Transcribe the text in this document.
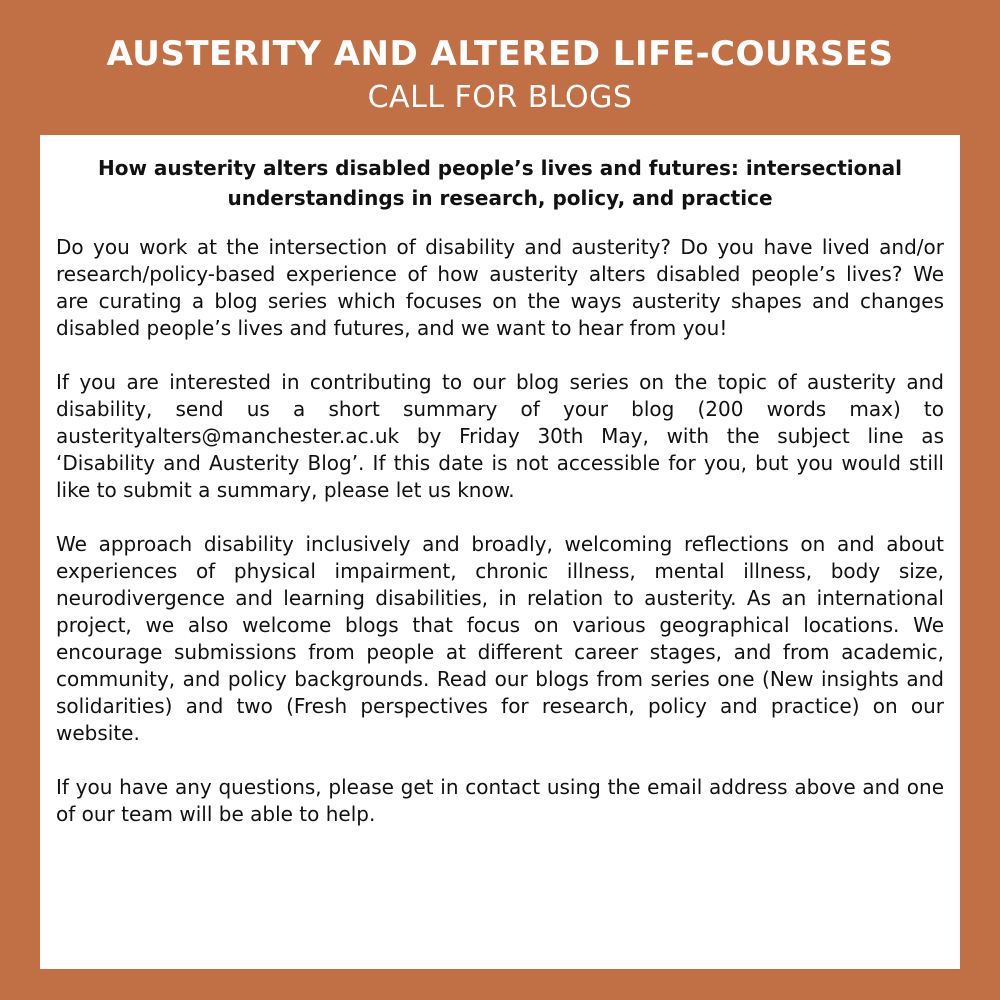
AUSTERITY AND ALTERED LIFE-COURSES
CALL FOR BLOGS
How austerity alters disabled people’s lives and futures: intersectional understandings in research, policy, and practice

Do you work at the intersection of disability and austerity? Do you have lived and/or research/policy-based experience of how austerity alters disabled people’s lives? We are curating a blog series which focuses on the ways austerity shapes and changes disabled people’s lives and futures, and we want to hear from you!

If you are interested in contributing to our blog series on the topic of austerity and disability, send us a short summary of your blog (200 words max) to austerityalters@manchester.ac.uk by Friday 30th May, with the subject line as ‘Disability and Austerity Blog’. If this date is not accessible for you, but you would still like to submit a summary, please let us know.

We approach disability inclusively and broadly, welcoming reflections on and about experiences of physical impairment, chronic illness, mental illness, body size, neurodivergence and learning disabilities, in relation to austerity. As an international project, we also welcome blogs that focus on various geographical locations. We encourage submissions from people at different career stages, and from academic, community, and policy backgrounds. Read our blogs from series one (New insights and solidarities) and two (Fresh perspectives for research, policy and practice) on our website.

If you have any questions, please get in contact using the email address above and one of our team will be able to help.
